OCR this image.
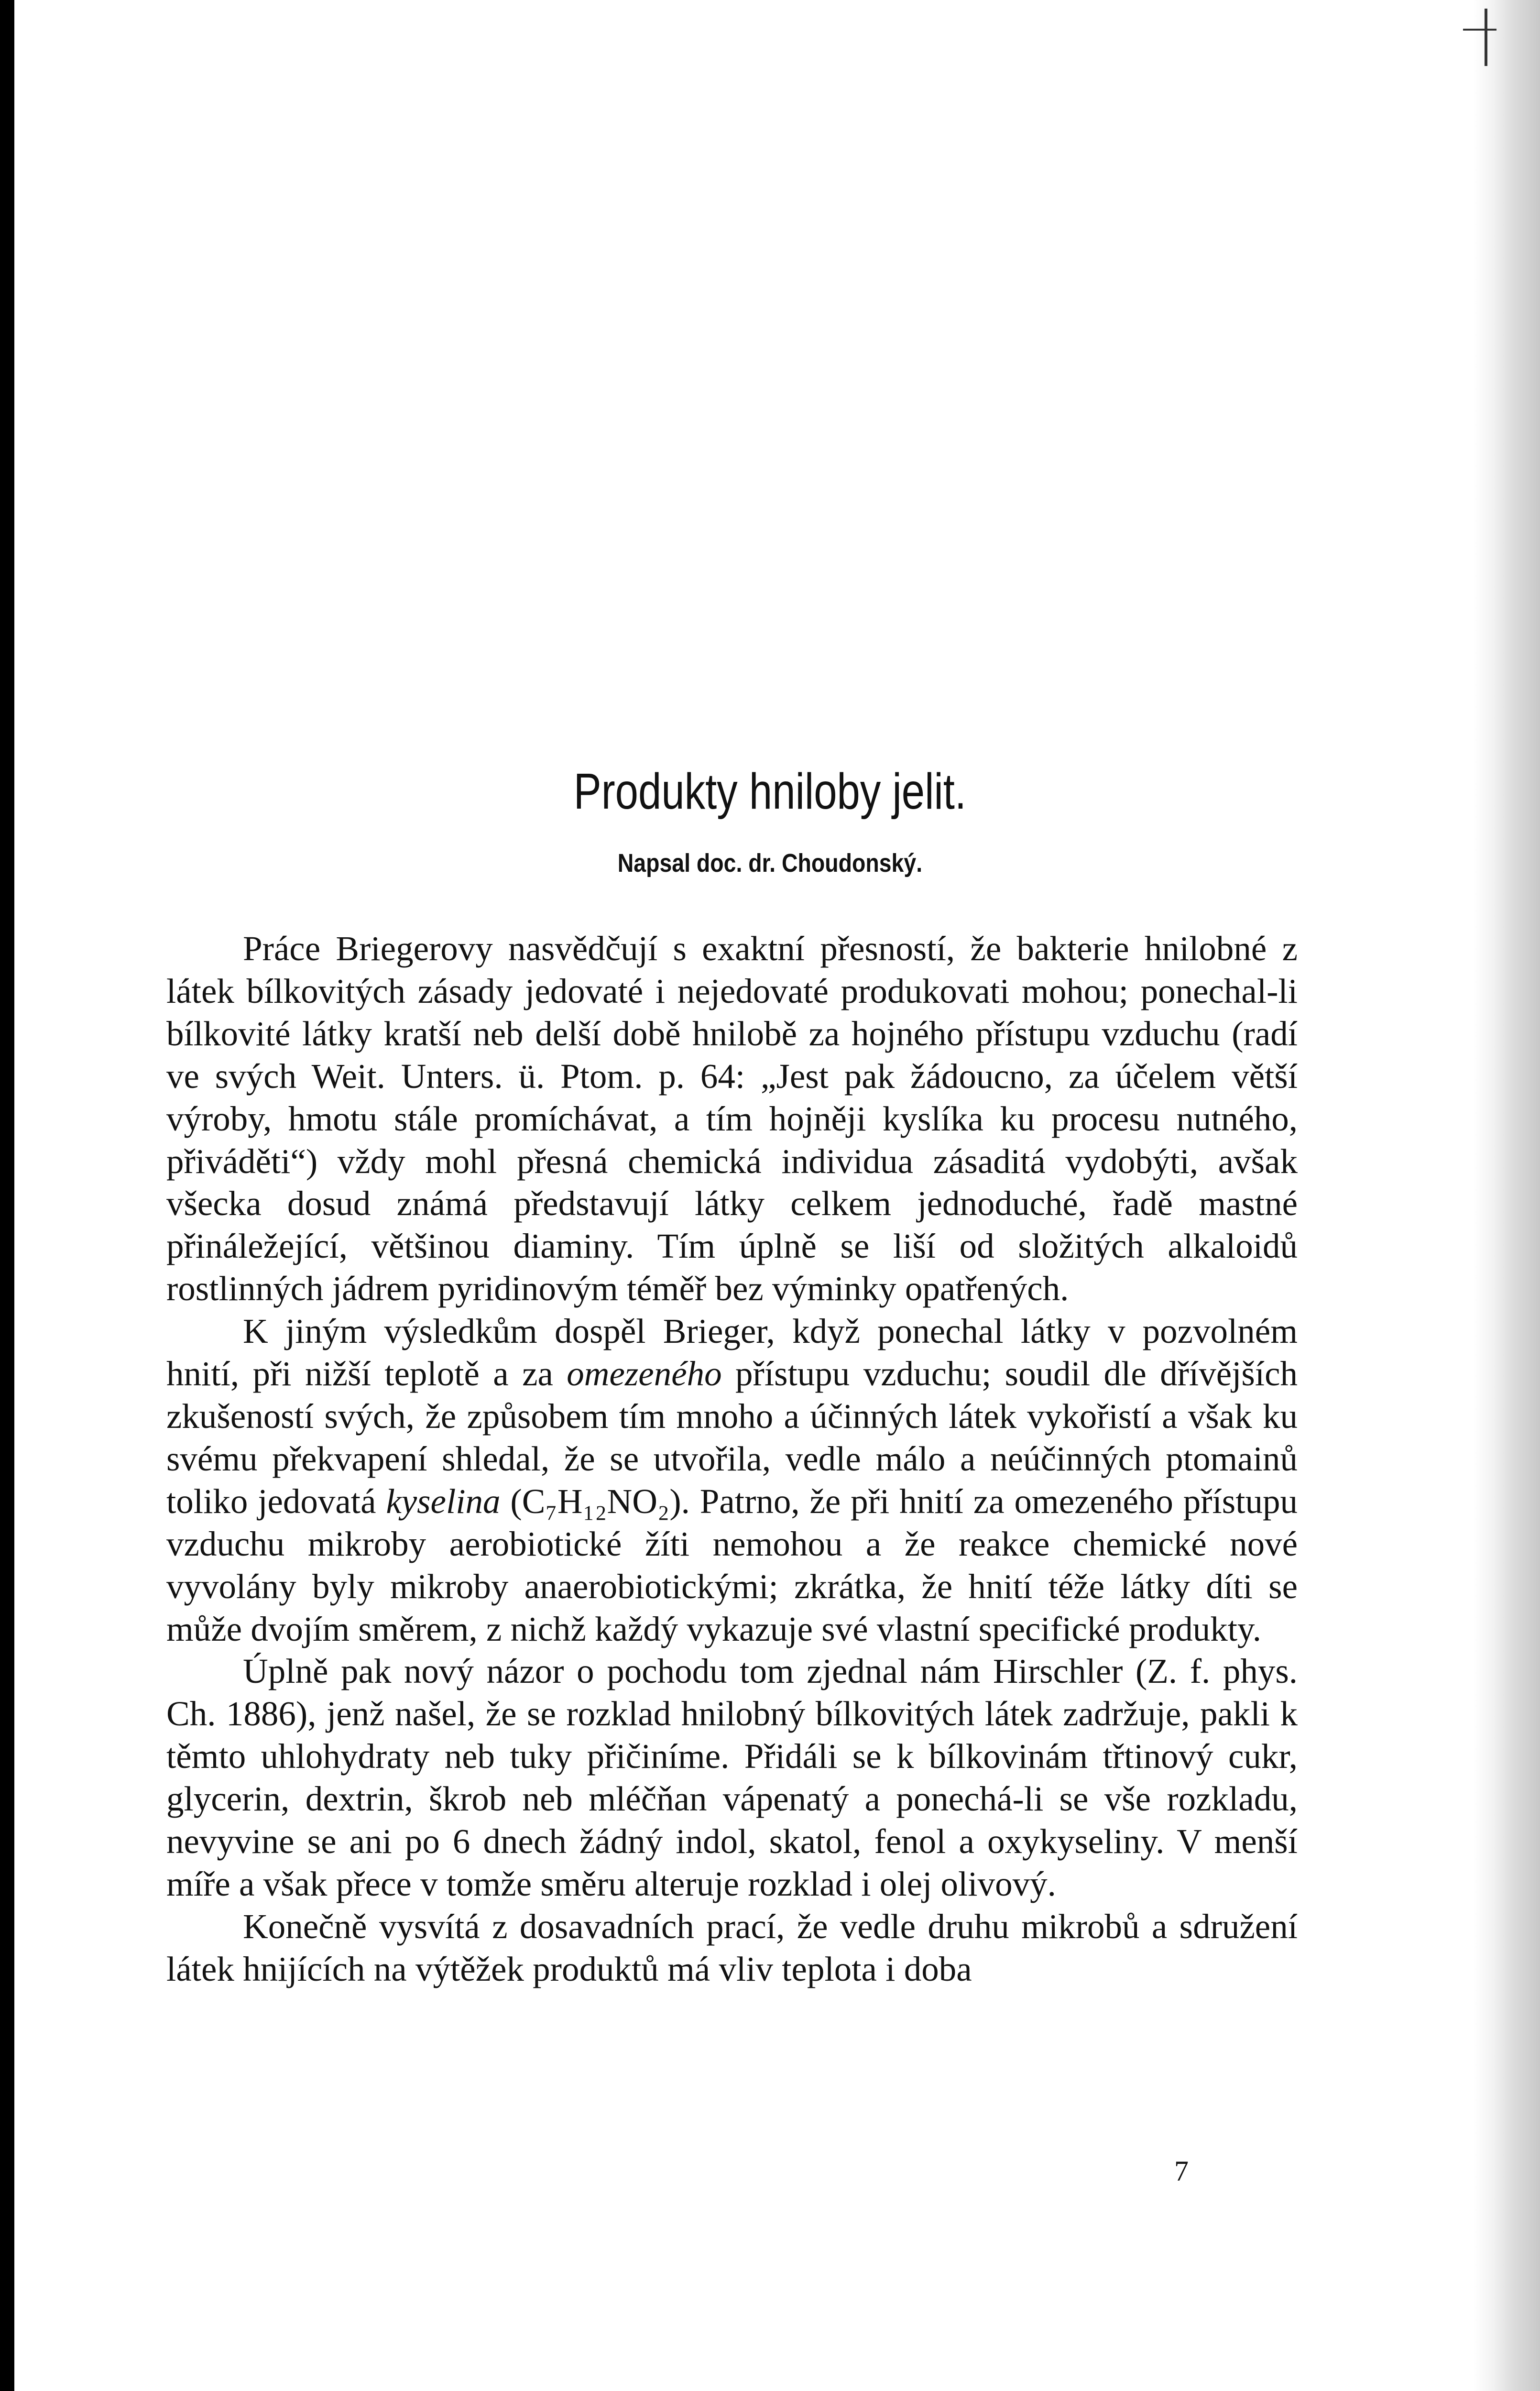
Produkty hniloby jelit.
Napsal doc. dr. Choudonský.

Práce Briegerovy nasvědčují s exaktní přesností, že bakterie hnilobné z látek bílkovitých zásady jedovaté i nejedovaté produkovati mohou; ponechal-li bílkovité látky kratší neb delší době hnilobě za hojného přístupu vzduchu (radí ve svých Weit. Unters. ü. Ptom. p. 64: „Jest pak žádoucno, za účelem větší výroby, hmotu stále promíchávat, a tím hojněji kyslíka ku procesu nutného, přiváděti“) vždy mohl přesná chemická individua zásaditá vydobýti, avšak všecka dosud známá představují látky celkem jednoduché, řadě mastné přináležející, většinou diaminy. Tím úplně se liší od složitých alkaloidů rostlinných jádrem pyridinovým téměř bez výminky opatřených.

K jiným výsledkům dospěl Brieger, když ponechal látky v pozvolném hnití, při nižší teplotě a za omezeného přístupu vzduchu; soudil dle dřívějších zkušeností svých, že způsobem tím mnoho a účinných látek vykořistí a však ku svému překvapení shledal, že se utvořila, vedle málo a neúčinných ptomainů toliko jedovatá kyselina (C₇H₁₂NO₂). Patrno, že při hnití za omezeného přístupu vzduchu mikroby aerobiotické žíti nemohou a že reakce chemické nové vyvolány byly mikroby anaerobiotickými; zkrátka, že hnití téže látky díti se může dvojím směrem, z nichž každý vykazuje své vlastní specifické produkty.

Úplně pak nový názor o pochodu tom zjednal nám Hirschler (Z. f. phys. Ch. 1886), jenž našel, že se rozklad hnilobný bílkovitých látek zadržuje, pakli k těmto uhlohydraty neb tuky přičiníme. Přidáli se k bílkovinám třtinový cukr, glycerin, dextrin, škrob neb mléčňan vápenatý a ponechá-li se vše rozkladu, nevyvine se ani po 6 dnech žádný indol, skatol, fenol a oxykyseliny. V menší míře a však přece v tomže směru alteruje rozklad i olej olivový.

Konečně vysvítá z dosavadních prací, že vedle druhu mikrobů a sdružení látek hnijících na výtěžek produktů má vliv teplota i doba

7
